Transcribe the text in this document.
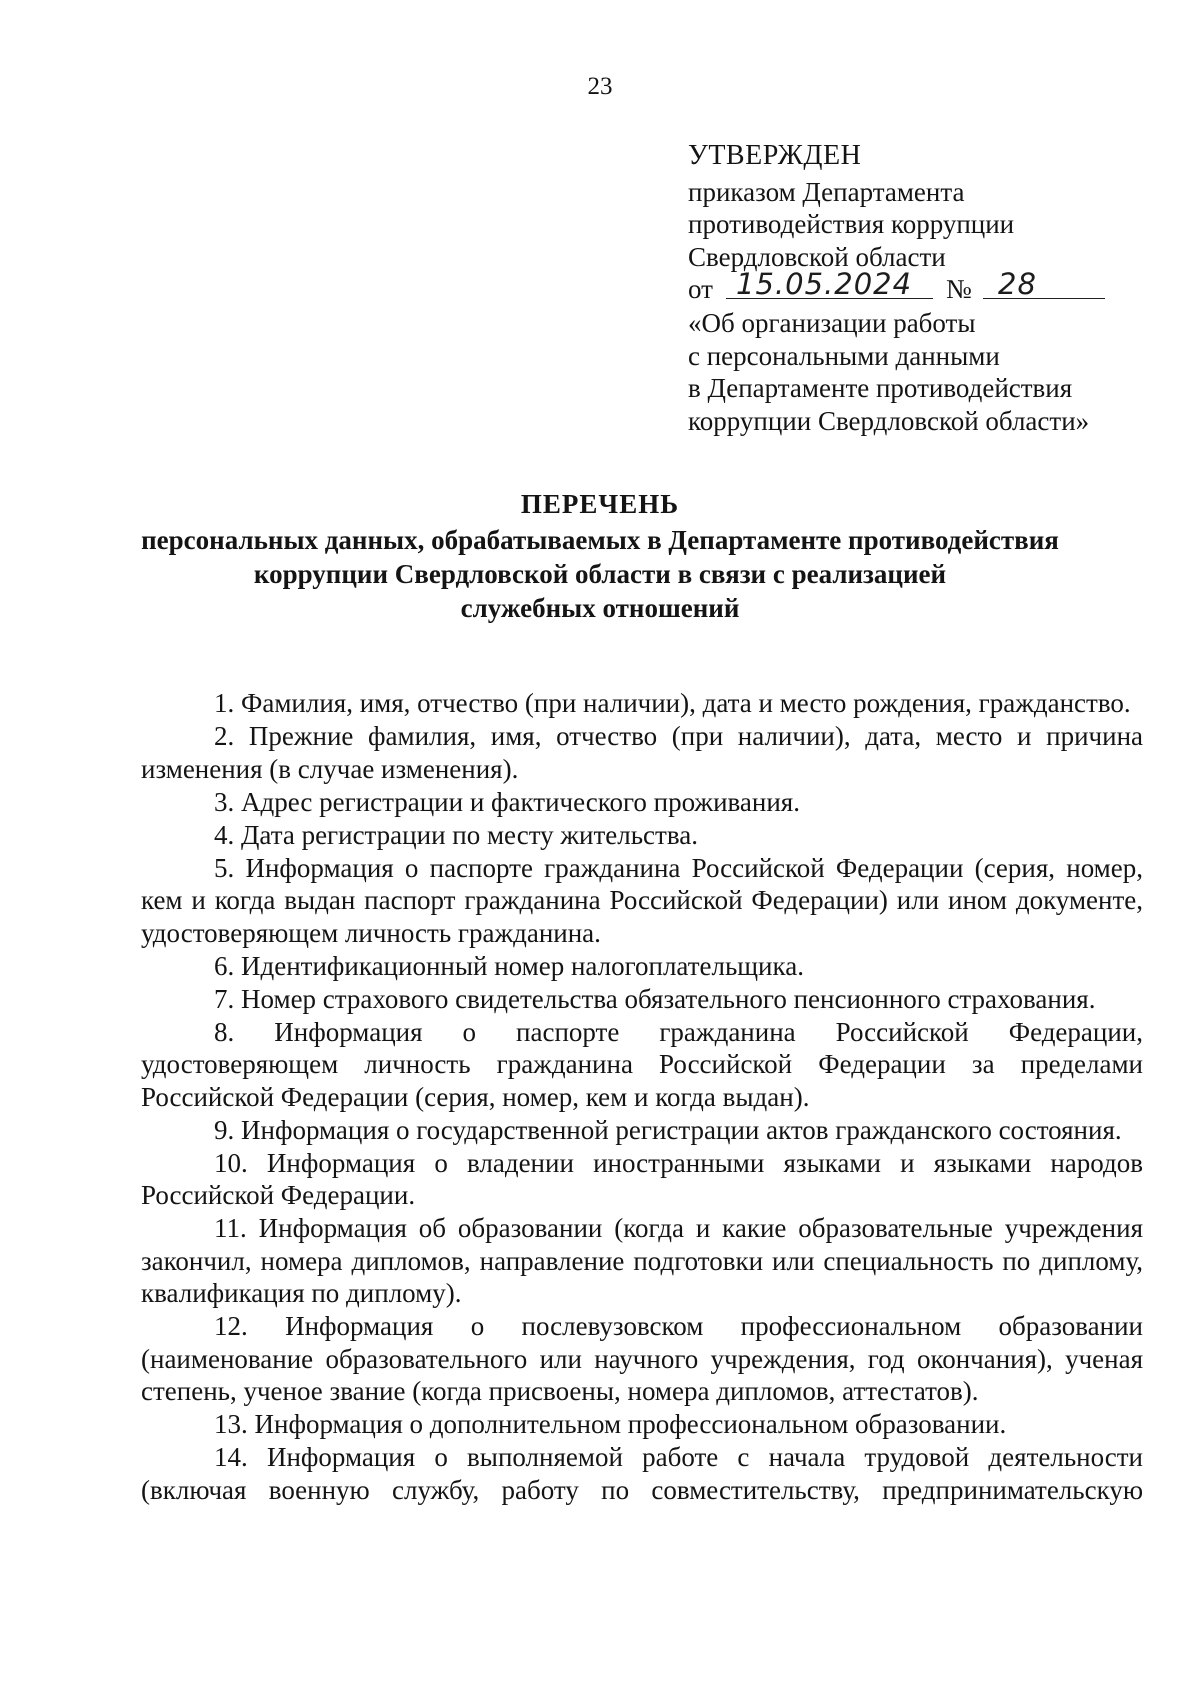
23
УТВЕРЖДЕН
приказом Департамента
противодействия коррупции
Свердловской области
от 15.05.2024 № 28
«Об организации работы
с персональными данными
в Департаменте противодействия
коррупции Свердловской области»
ПЕРЕЧЕНЬ
персональных данных, обрабатываемых в Департаменте противодействия
коррупции Свердловской области в связи с реализацией
служебных отношений

1. Фамилия, имя, отчество (при наличии), дата и место рождения, гражданство.

2. Прежние фамилия, имя, отчество (при наличии), дата, место и причина изменения (в случае изменения).

3. Адрес регистрации и фактического проживания.

4. Дата регистрации по месту жительства.

5. Информация о паспорте гражданина Российской Федерации (серия, номер, кем и когда выдан паспорт гражданина Российской Федерации) или ином документе, удостоверяющем личность гражданина.

6. Идентификационный номер налогоплательщика.

7. Номер страхового свидетельства обязательного пенсионного страхования.

8. Информация о паспорте гражданина Российской Федерации, удостоверяющем личность гражданина Российской Федерации за пределами Российской Федерации (серия, номер, кем и когда выдан).

9. Информация о государственной регистрации актов гражданского состояния.

10. Информация о владении иностранными языками и языками народов Российской Федерации.

11. Информация об образовании (когда и какие образовательные учреждения закончил, номера дипломов, направление подготовки или специальность по диплому, квалификация по диплому).

12. Информация о послевузовском профессиональном образовании (наименование образовательного или научного учреждения, год окончания), ученая степень, ученое звание (когда присвоены, номера дипломов, аттестатов).

13. Информация о дополнительном профессиональном образовании.

14. Информация о выполняемой работе с начала трудовой деятельности (включая военную службу, работу по совместительству, предпринимательскую
